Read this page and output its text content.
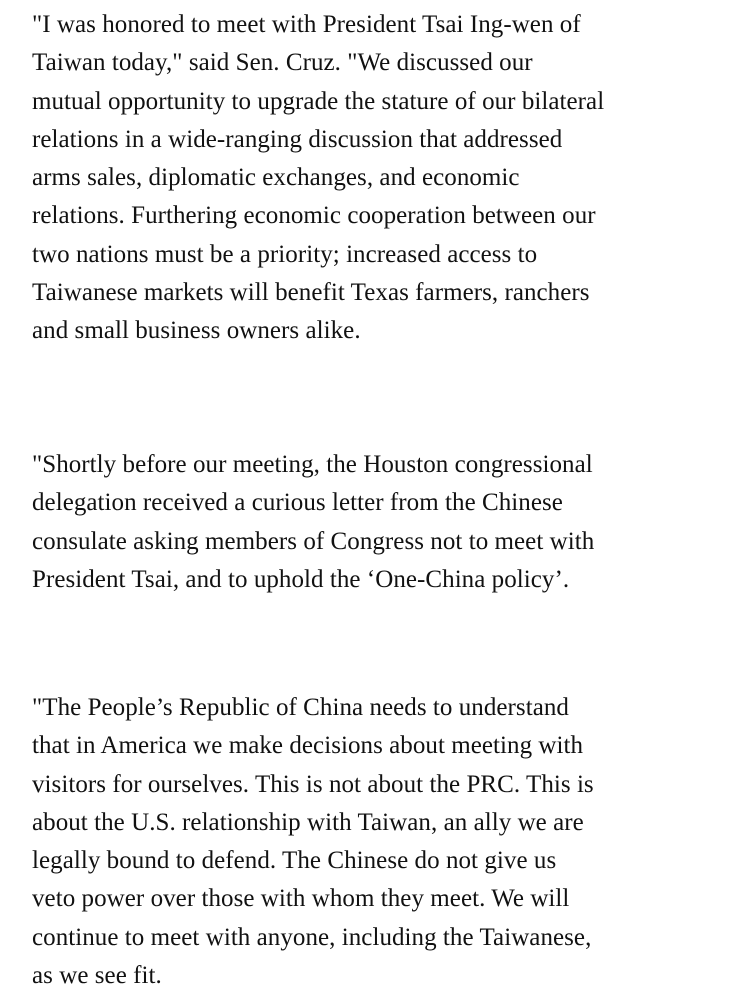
"I was honored to meet with President Tsai Ing-wen of
Taiwan today," said Sen. Cruz. "We discussed our
mutual opportunity to upgrade the stature of our bilateral
relations in a wide-ranging discussion that addressed
arms sales, diplomatic exchanges, and economic
relations. Furthering economic cooperation between our
two nations must be a priority; increased access to
Taiwanese markets will benefit Texas farmers, ranchers
and small business owners alike.

"Shortly before our meeting, the Houston congressional
delegation received a curious letter from the Chinese
consulate asking members of Congress not to meet with
President Tsai, and to uphold the ‘One-China policy’.

"The People’s Republic of China needs to understand
that in America we make decisions about meeting with
visitors for ourselves. This is not about the PRC. This is
about the U.S. relationship with Taiwan, an ally we are
legally bound to defend. The Chinese do not give us
veto power over those with whom they meet. We will
continue to meet with anyone, including the Taiwanese,
as we see fit.
